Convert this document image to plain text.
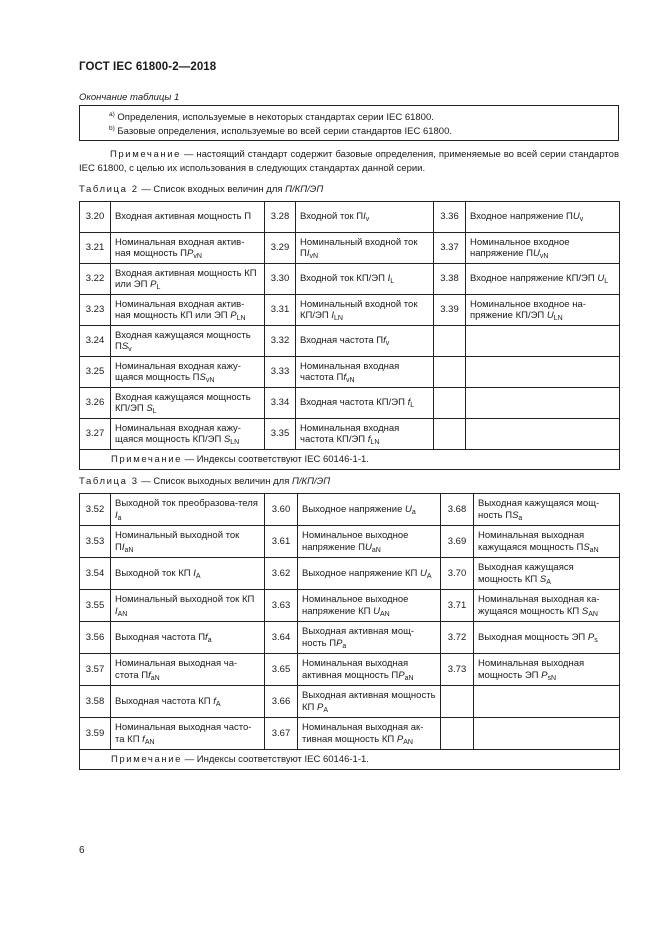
ГОСТ IEC 61800-2—2018
Окончание таблицы 1
$^{a)}$ Определения, используемые в некоторых стандартах серии IEC 61800.
$^{b)}$ Базовые определения, используемые во всей серии стандартов IEC 61800.
Примечание — настоящий стандарт содержит базовые определения, применяемые во всей серии стандартов IEC 61800, с целью их использования в следующих стандартах данной серии.
Таблица 2 — Список входных величин для П/КП/ЭП
3.20	Входная активная мощность П	3.28	Входной ток $ПI_v$	3.36	Входное напряжение $ПU_v$
3.21	Номинальная входная актив-ная мощность $ПP_{vN}$	3.29	Номинальный входной ток $ПI_{vN}$	3.37	Номинальное входное напряжение $ПU_{vN}$
3.22	Входная активная мощность КП или ЭП $P_L$	3.30	Входной ток КП/ЭП $I_L$	3.38	Входное напряжение КП/ЭП $U_L$
3.23	Номинальная входная актив-ная мощность КП или ЭП $P_{LN}$	3.31	Номинальный входной ток КП/ЭП $I_{LN}$	3.39	Номинальное входное на-пряжение КП/ЭП $U_{LN}$
3.24	Входная кажущаяся мощность $ПS_v$	3.32	Входная частота $Пf_v$		
3.25	Номинальная входная кажу-щаяся мощность $ПS_{vN}$	3.33	Номинальная входная частота $Пf_{vN}$		
3.26	Входная кажущаяся мощность КП/ЭП $S_L$	3.34	Входная частота КП/ЭП $f_L$		
3.27	Номинальная входная кажу-щаяся мощность КП/ЭП $S_{LN}$	3.35	Номинальная входная частота КП/ЭП $f_{LN}$		
Примечание — Индексы соответствуют IEC 60146-1-1.					
Таблица 3 — Список выходных величин для П/КП/ЭП
3.52	Выходной ток преобразова-теля $I_a$	3.60	Выходное напряжение $U_a$	3.68	Выходная кажущаяся мощ-ность $ПS_a$
3.53	Номинальный выходной ток $ПI_{aN}$	3.61	Номинальное выходное напряжение $ПU_{aN}$	3.69	Номинальная выходная кажущаяся мощность $ПS_{aN}$
3.54	Выходной ток КП $I_A$	3.62	Выходное напряжение КП $U_A$	3.70	Выходная кажущаяся мощность КП $S_A$
3.55	Номинальный выходной ток КП $I_{AN}$	3.63	Номинальное выходное напряжение КП $U_{AN}$	3.71	Номинальная выходная ка-жущаяся мощность КП $S_{AN}$
3.56	Выходная частота $Пf_a$	3.64	Выходная активная мощ-ность $ПP_a$	3.72	Выходная мощность ЭП $P_s$
3.57	Номинальная выходная ча-стота $Пf_{aN}$	3.65	Номинальная выходная активная мощность $ПP_{aN}$	3.73	Номинальная выходная мощность ЭП $P_{sN}$
3.58	Выходная частота КП $f_A$	3.66	Выходная активная мощность КП $P_A$		
3.59	Номинальная выходная часто-та КП $f_{AN}$	3.67	Номинальная выходная ак-тивная мощность КП $P_{AN}$		
Примечание — Индексы соответствуют IEC 60146-1-1.					
6
